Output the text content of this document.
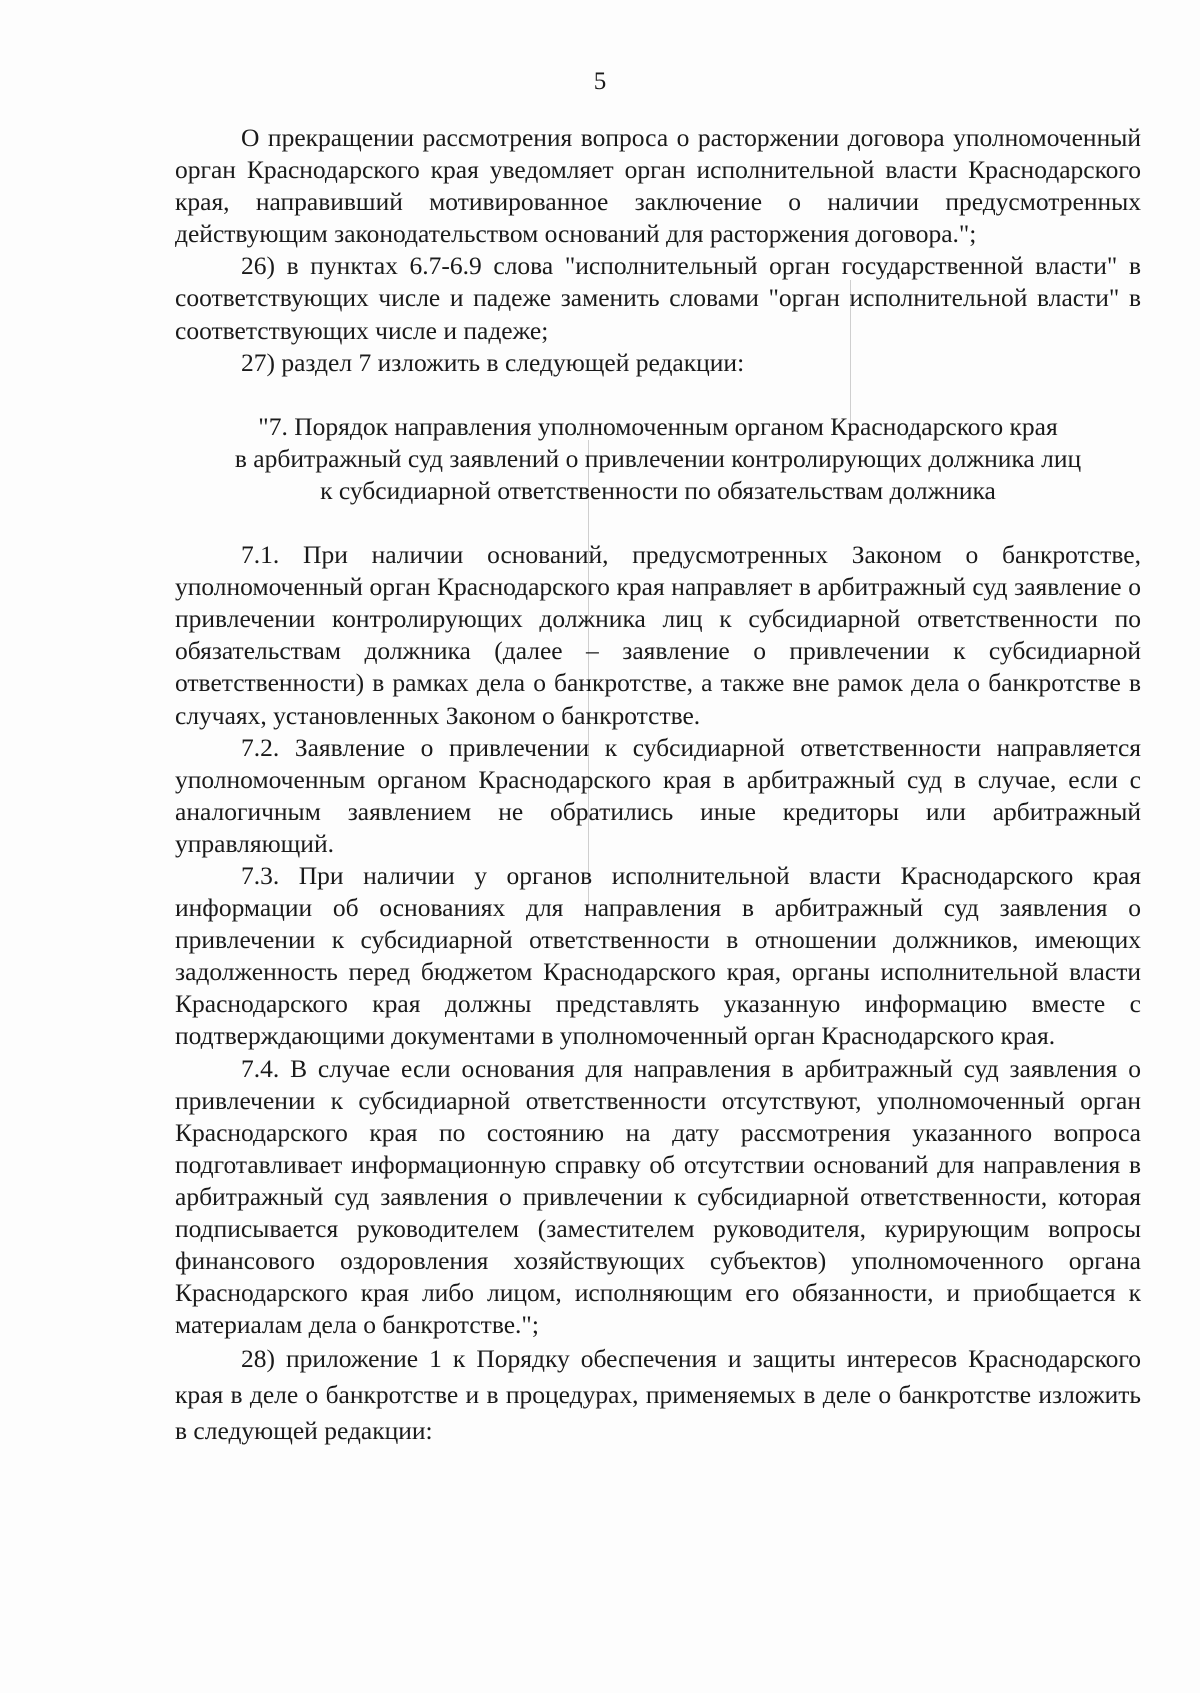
5

О прекращении рассмотрения вопроса о расторжении договора уполномоченный орган Краснодарского края уведомляет орган исполнительной власти Краснодарского края, направивший мотивированное заключение о наличии предусмотренных действующим законодательством оснований для расторжения договора.";

26) в пунктах 6.7-6.9 слова "исполнительный орган государственной власти" в соответствующих числе и падеже заменить словами "орган исполнительной власти" в соответствующих числе и падеже;

27) раздел 7 изложить в следующей редакции:

"7. Порядок направления уполномоченным органом Краснодарского края
в арбитражный суд заявлений о привлечении контролирующих должника лиц
к субсидиарной ответственности по обязательствам должника

7.1. При наличии оснований, предусмотренных Законом о банкротстве, уполномоченный орган Краснодарского края направляет в арбитражный суд заявление о привлечении контролирующих должника лиц к субсидиарной ответственности по обязательствам должника (далее – заявление о привлечении к субсидиарной ответственности) в рамках дела о банкротстве, а также вне рамок дела о банкротстве в случаях, установленных Законом о банкротстве.

7.2. Заявление о привлечении к субсидиарной ответственности направляется уполномоченным органом Краснодарского края в арбитражный суд в случае, если с аналогичным заявлением не обратились иные кредиторы или арбитражный управляющий.

7.3. При наличии у органов исполнительной власти Краснодарского края информации об основаниях для направления в арбитражный суд заявления о привлечении к субсидиарной ответственности в отношении должников, имеющих задолженность перед бюджетом Краснодарского края, органы исполнительной власти Краснодарского края должны представлять указанную информацию вместе с подтверждающими документами в уполномоченный орган Краснодарского края.

7.4. В случае если основания для направления в арбитражный суд заявления о привлечении к субсидиарной ответственности отсутствуют, уполномоченный орган Краснодарского края по состоянию на дату рассмотрения указанного вопроса подготавливает информационную справку об отсутствии оснований для направления в арбитражный суд заявления о привлечении к субсидиарной ответственности, которая подписывается руководителем (заместителем руководителя, курирующим вопросы финансового оздоровления хозяйствующих субъектов) уполномоченного органа Краснодарского края либо лицом, исполняющим его обязанности, и приобщается к материалам дела о банкротстве.";

28) приложение 1 к Порядку обеспечения и защиты интересов Краснодарского края в деле о банкротстве и в процедурах, применяемых в деле о банкротстве изложить в следующей редакции:
